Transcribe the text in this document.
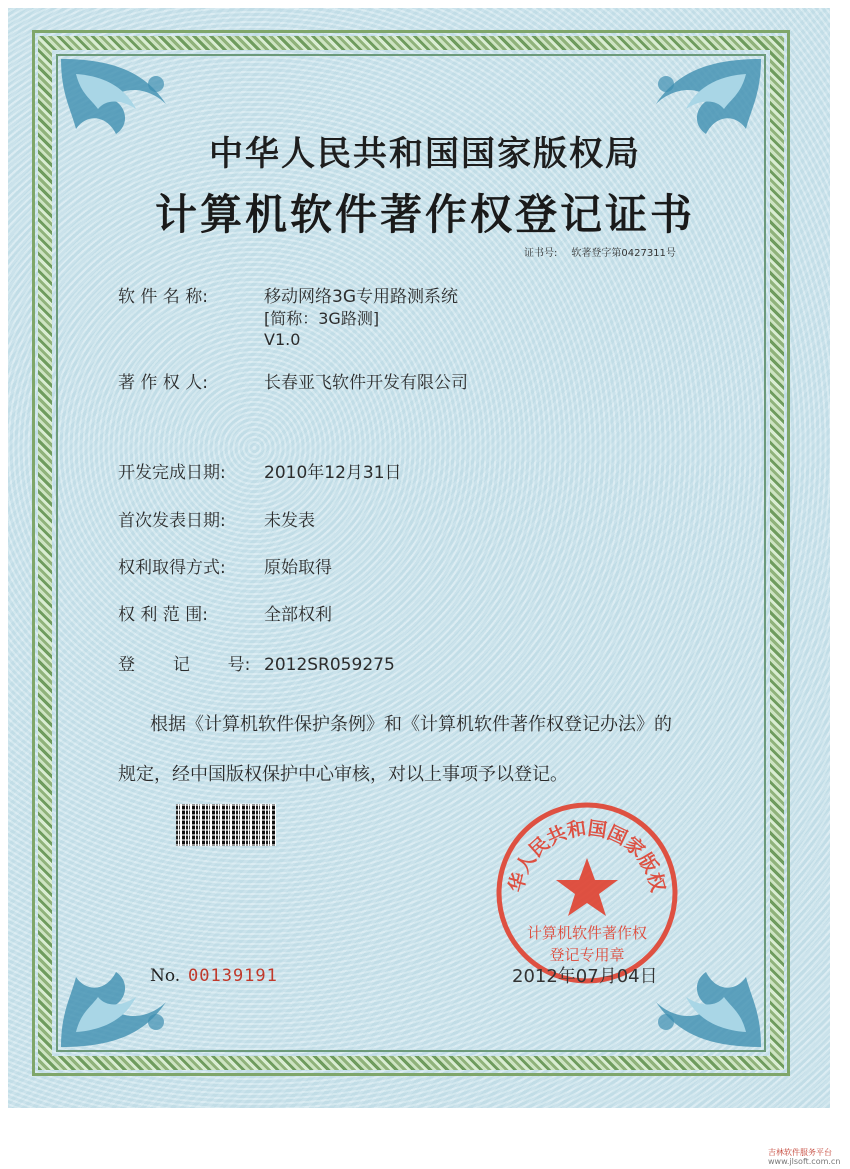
中华人民共和国国家版权局
计算机软件著作权登记证书
证书号: 软著登字第0427311号
软 件 名 称:	移动网络3G专用路测系统
[简称：3G路测]
V1.0
著 作 权 人:	长春亚飞软件开发有限公司
开发完成日期: 2010年12月31日
首次发表日期: 未发表
权利取得方式: 原始取得
权 利 范 围:	全部权利
登       记       号: 2012SR059275
根据《计算机软件保护条例》和《计算机软件著作权登记办法》的
规定，经中国版权保护中心审核，对以上事项予以登记。
华人民共和国国家版权
计算机软件著作权
登记专用章
No. 00139191	2012年07月04日
吉林软件服务平台
www.jlsoft.com.cn
